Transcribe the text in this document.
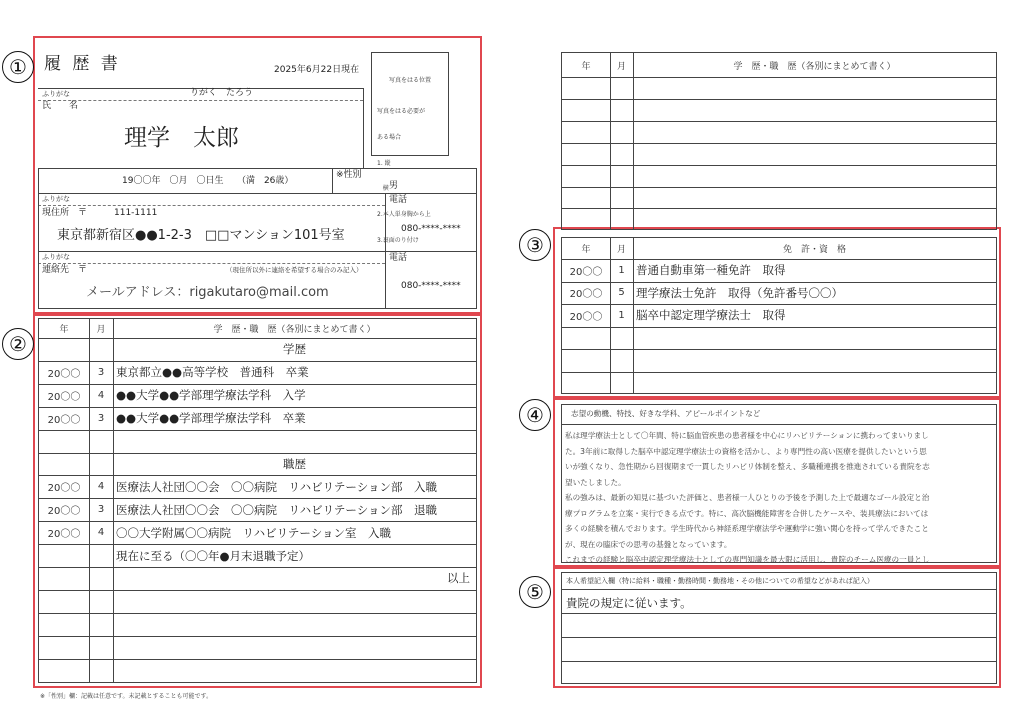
①
②
③
④
⑤
履 歴 書	2025年6月22日現在

写真をはる位置

写真をはる必要が

ある場合

1. 縦

横

2.本人単身胸から上

3.裏面のり付け

ふりがな	りがく　たろう
氏　　名
理学　太郎
19〇〇年　〇月　〇日生　　（満　26歳）
※性別
男
ふりがな
現住所　〒	111-1111
東京都新宿区●●1-2-3　□□マンション101号室
電話
080-****-****
ふりがな
連絡先　〒	（現住所以外に連絡を希望する場合のみ記入）
メールアドレス：rigakutaro@mail.com
電話
080-****-****
年	月	学　歴・職　歴（各別にまとめて書く）
学歴
20〇〇	3	東京都立●●高等学校　普通科　卒業
20〇〇	4	●●大学●●学部理学療法学科　入学
20〇〇	3	●●大学●●学部理学療法学科　卒業
職歴
20〇〇	4	医療法人社団〇〇会　〇〇病院　リハビリテーション部　入職
20〇〇	3	医療法人社団〇〇会　〇〇病院　リハビリテーション部　退職
20〇〇	4	〇〇大学附属〇〇病院　リハビリテーション室　入職
現在に至る（〇〇年●月末退職予定）
以上
※「性別」欄：記載は任意です。未記載とすることも可能です。
年	月	学　歴・職　歴（各別にまとめて書く）
年	月	免　許・資　格
20〇〇	1 普通自動車第一種免許　取得
20〇〇	5 理学療法士免許　取得（免許番号〇〇）
20〇〇	1 脳卒中認定理学療法士　取得
志望の動機、特技、好きな学科、アピールポイントなど
私は理学療法士として〇年間、特に脳血管疾患の患者様を中心にリハビリテーションに携わってまいりまし
た。3年前に取得した脳卒中認定理学療法士の資格を活かし、より専門性の高い医療を提供したいという思
いが強くなり、急性期から回復期まで一貫したリハビリ体制を整え、多職種連携を推進されている貴院を志
望いたしました。
私の強みは、最新の知見に基づいた評価と、患者様一人ひとりの予後を予測した上で最適なゴール設定と治
療プログラムを立案・実行できる点です。特に、高次脳機能障害を合併したケースや、装具療法においては
多くの経験を積んでおります。学生時代から神経系理学療法学や運動学に強い関心を持って学んできたこと
が、現在の臨床での思考の基盤となっています。
これまでの経験と脳卒中認定理学療法士としての専門知識を最大限に活用し、貴院のチーム医療の一員とし
本人希望記入欄（特に給料・職種・勤務時間・勤務地・その他についての希望などがあれば記入）
貴院の規定に従います。
